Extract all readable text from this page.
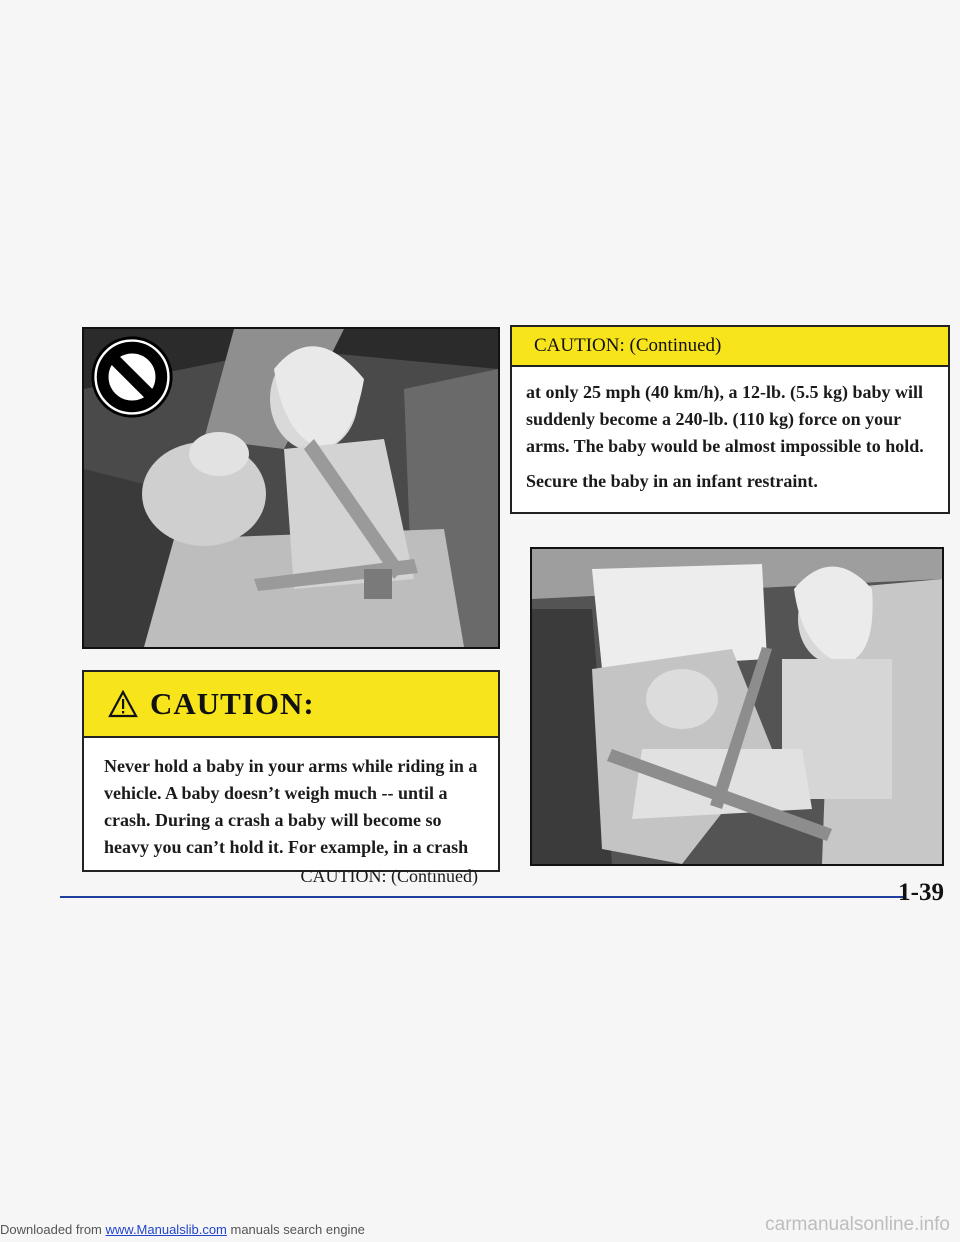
CAUTION:

Never hold a baby in your arms while riding in a vehicle. A baby doesn’t weigh much -- until a crash. During a crash a baby will become so heavy you can’t hold it. For example, in a crash

CAUTION: (Continued)
CAUTION: (Continued)

at only 25 mph (40 km/h), a 12-lb. (5.5 kg) baby will suddenly become a 240-lb. (110 kg) force on your arms. The baby would be almost impossible to hold.

Secure the baby in an infant restraint.

1-39
Downloaded from www.Manualslib.com manuals search engine	carmanualsonline.info
